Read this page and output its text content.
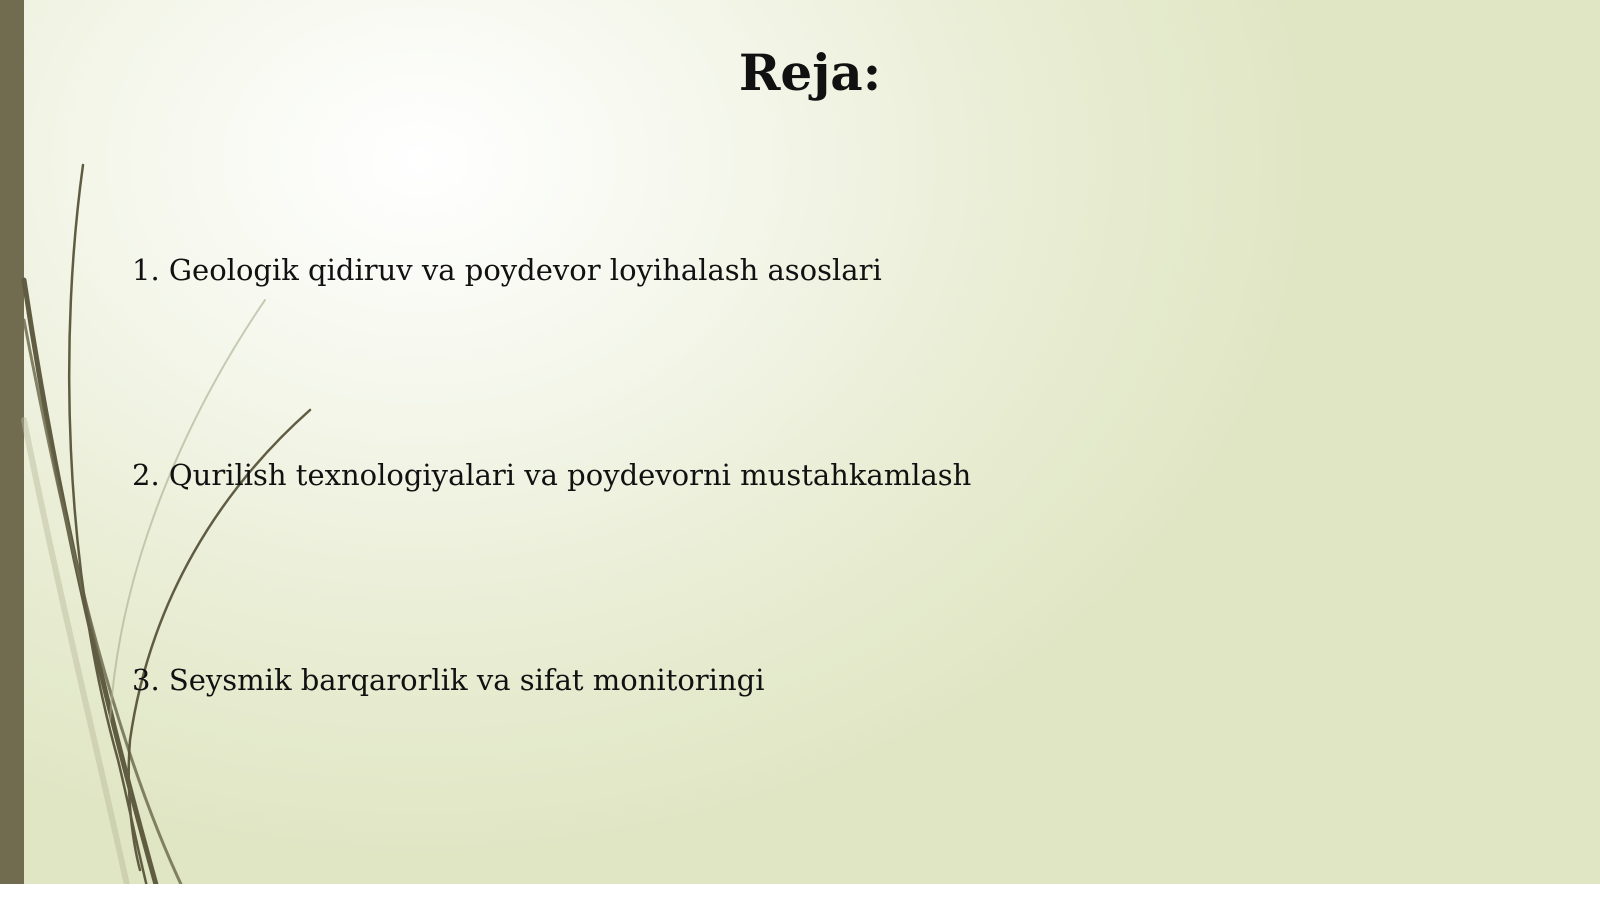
Reja:
1. Geologik qidiruv va poydevor loyihalash asoslari
2. Qurilish texnologiyalari va poydevorni mustahkamlash
3. Seysmik barqarorlik va sifat monitoringi
